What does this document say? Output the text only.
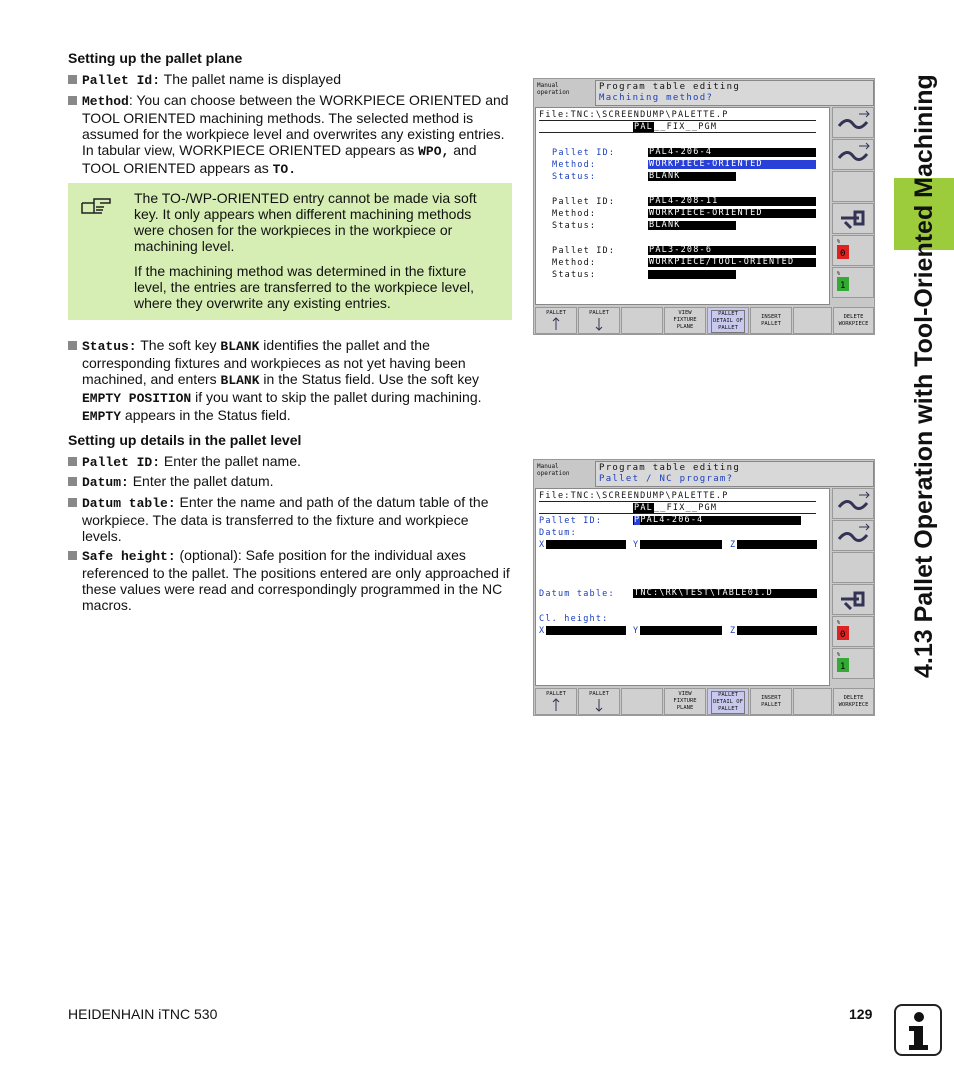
Setting up the pallet plane
Pallet Id: The pallet name is displayed
Method: You can choose between the WORKPIECE ORIENTED and TOOL ORIENTED machining methods. The selected method is assumed for the workpiece level and overwrites any existing entries. In tabular view, WORKPIECE ORIENTED appears as WPO, and TOOL ORIENTED appears as TO.

The TO-/WP-ORIENTED entry cannot be made via soft key. It only appears when different machining methods were chosen for the workpieces in the workpiece or machining level.

If the machining method was determined in the fixture level, the entries are transferred to the workpiece level, where they overwrite any existing entries.

Status: The soft key BLANK identifies the pallet and the corresponding fixtures and workpieces as not yet having been machined, and enters BLANK in the Status field. Use the soft key EMPTY POSITION if you want to skip the pallet during machining. EMPTY appears in the Status field.
Setting up details in the pallet level
Pallet ID: Enter the pallet name.
Datum: Enter the pallet datum.
Datum table: Enter the name and path of the datum table of the workpiece. The data is transferred to the fixture and workpiece levels.
Safe height: (optional): Safe position for the individual axes referenced to the pallet. The positions entered are only approached if these values were read and correspondingly programmed in the NC macros.	4.13 Pallet Operation with Tool-Oriented Machining
Manual
operation
Program table editing
Machining method?
File:TNC:\SCREENDUMP\PALETTE.P
PAL__FIX__PGM
Pallet ID:	PAL4-206-4
Method:	WORKPIECE-ORIENTED
Status:	BLANK
Pallet ID:	PAL4-208-11
Method:	WORKPIECE-ORIENTED
Status:	BLANK
Pallet ID:	PAL3-208-6
Method:	WORKPIECE/TOOL-ORIENTED
Status:
0
%
1
%
PALLET	PALLET	VIEW
FIXTURE
PLANE
PALLET
DETAIL OF
PALLET
INSERT
PALLET
DELETE
WORKPIECE
Manual
operation
Program table editing
Pallet / NC program?
File:TNC:\SCREENDUMP\PALETTE.P
PAL__FIX__PGM
Pallet ID:	PPAL4-206-4
Datum:
X	Y	Z
Datum table: TNC:\RK\TEST\TABLE01.D
Cl. height:
X	Y	Z	0
%
1
%
PALLET	PALLET	VIEW
FIXTURE
PLANE
PALLET
DETAIL OF
PALLET
INSERT
PALLET
DELETE
WORKPIECE
HEIDENHAIN iTNC 530	129
